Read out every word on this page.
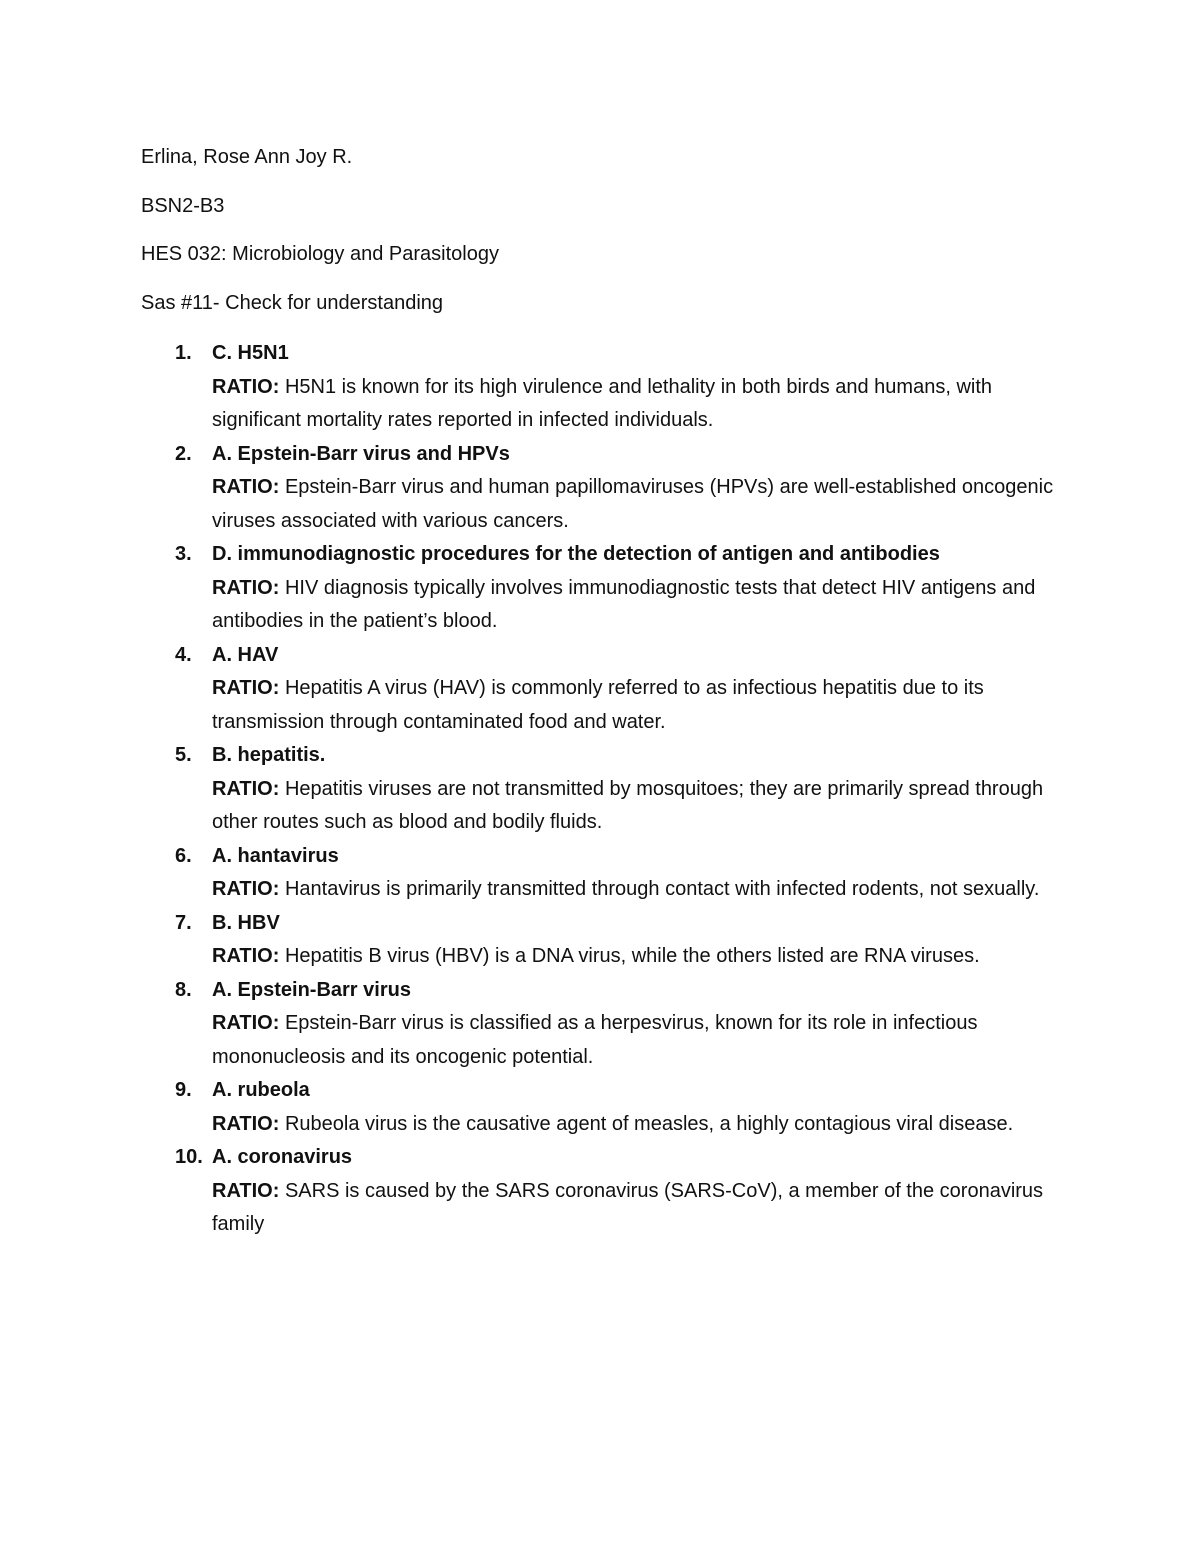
Erlina, Rose Ann Joy R.
BSN2-B3
HES 032: Microbiology and Parasitology
Sas #11- Check for understanding
1. C. H5N1
RATIO: H5N1 is known for its high virulence and lethality in both birds and humans, with significant mortality rates reported in infected individuals.
2. A. Epstein-Barr virus and HPVs
RATIO: Epstein-Barr virus and human papillomaviruses (HPVs) are well-established oncogenic viruses associated with various cancers.
3. D. immunodiagnostic procedures for the detection of antigen and antibodies
RATIO: HIV diagnosis typically involves immunodiagnostic tests that detect HIV antigens and antibodies in the patient’s blood.
4. A. HAV
RATIO: Hepatitis A virus (HAV) is commonly referred to as infectious hepatitis due to its transmission through contaminated food and water.
5. B. hepatitis.
RATIO: Hepatitis viruses are not transmitted by mosquitoes; they are primarily spread through other routes such as blood and bodily fluids.
6. A. hantavirus
RATIO: Hantavirus is primarily transmitted through contact with infected rodents, not sexually.
7. B. HBV
RATIO: Hepatitis B virus (HBV) is a DNA virus, while the others listed are RNA viruses.
8. A. Epstein-Barr virus
RATIO: Epstein-Barr virus is classified as a herpesvirus, known for its role in infectious mononucleosis and its oncogenic potential.
9. A. rubeola
RATIO: Rubeola virus is the causative agent of measles, a highly contagious viral disease.
10. A. coronavirus
RATIO: SARS is caused by the SARS coronavirus (SARS-CoV), a member of the coronavirus family
